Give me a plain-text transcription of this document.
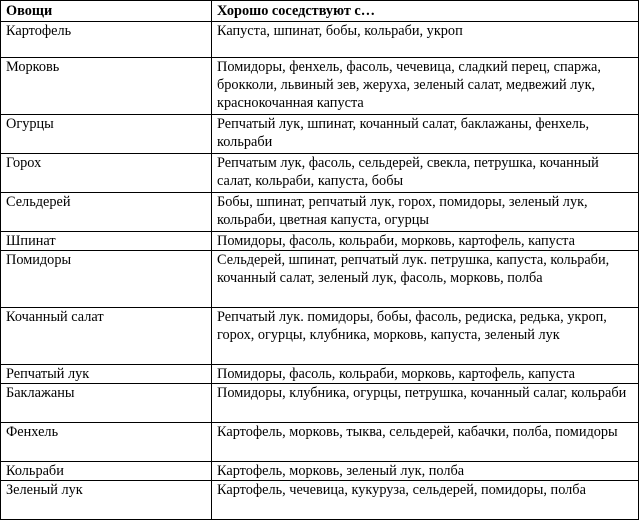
Овощи	Хорошо соседствуют с…
Картофель	Капуста, шпинат, бобы, кольраби, укроп
Морковь	Помидоры, фенхель, фасоль, чечевица, сладкий перец, спаржа, брокколи, львиный зев, жеруха, зеленый салат, медвежий лук, краснокочанная капуста
Огурцы	Репчатый лук, шпинат, кочанный салат, баклажаны, фенхель, кольраби
Горох	Репчатым лук, фасоль, сельдерей, свекла, петрушка, кочанный салат, кольраби, капуста, бобы
Сельдерей	Бобы, шпинат, репчатый лук, горох, помидоры, зеленый лук, кольраби, цветная капуста, огурцы
Шпинат	Помидоры, фасоль, кольраби, морковь, картофель, капуста
Помидоры	Сельдерей, шпинат, репчатый лук. петрушка, капуста, кольраби, кочанный салат, зеленый лук, фасоль, морковь, полба
Кочанный салат	Репчатый лук. помидоры, бобы, фасоль, редиска, редька, укроп, горох, огурцы, клубника, морковь, капуста, зеленый лук
Репчатый лук	Помидоры, фасоль, кольраби, морковь, картофель, капуста
Баклажаны	Помидоры, клубника, огурцы, петрушка, кочанный салаг, кольраби
Фенхель	Картофель, морковь, тыква, сельдерей, кабачки, полба, помидоры
Кольраби	Картофель, морковь, зеленый лук, полба
Зеленый лук	Картофель, чечевица, кукуруза, сельдерей, помидоры, полба
